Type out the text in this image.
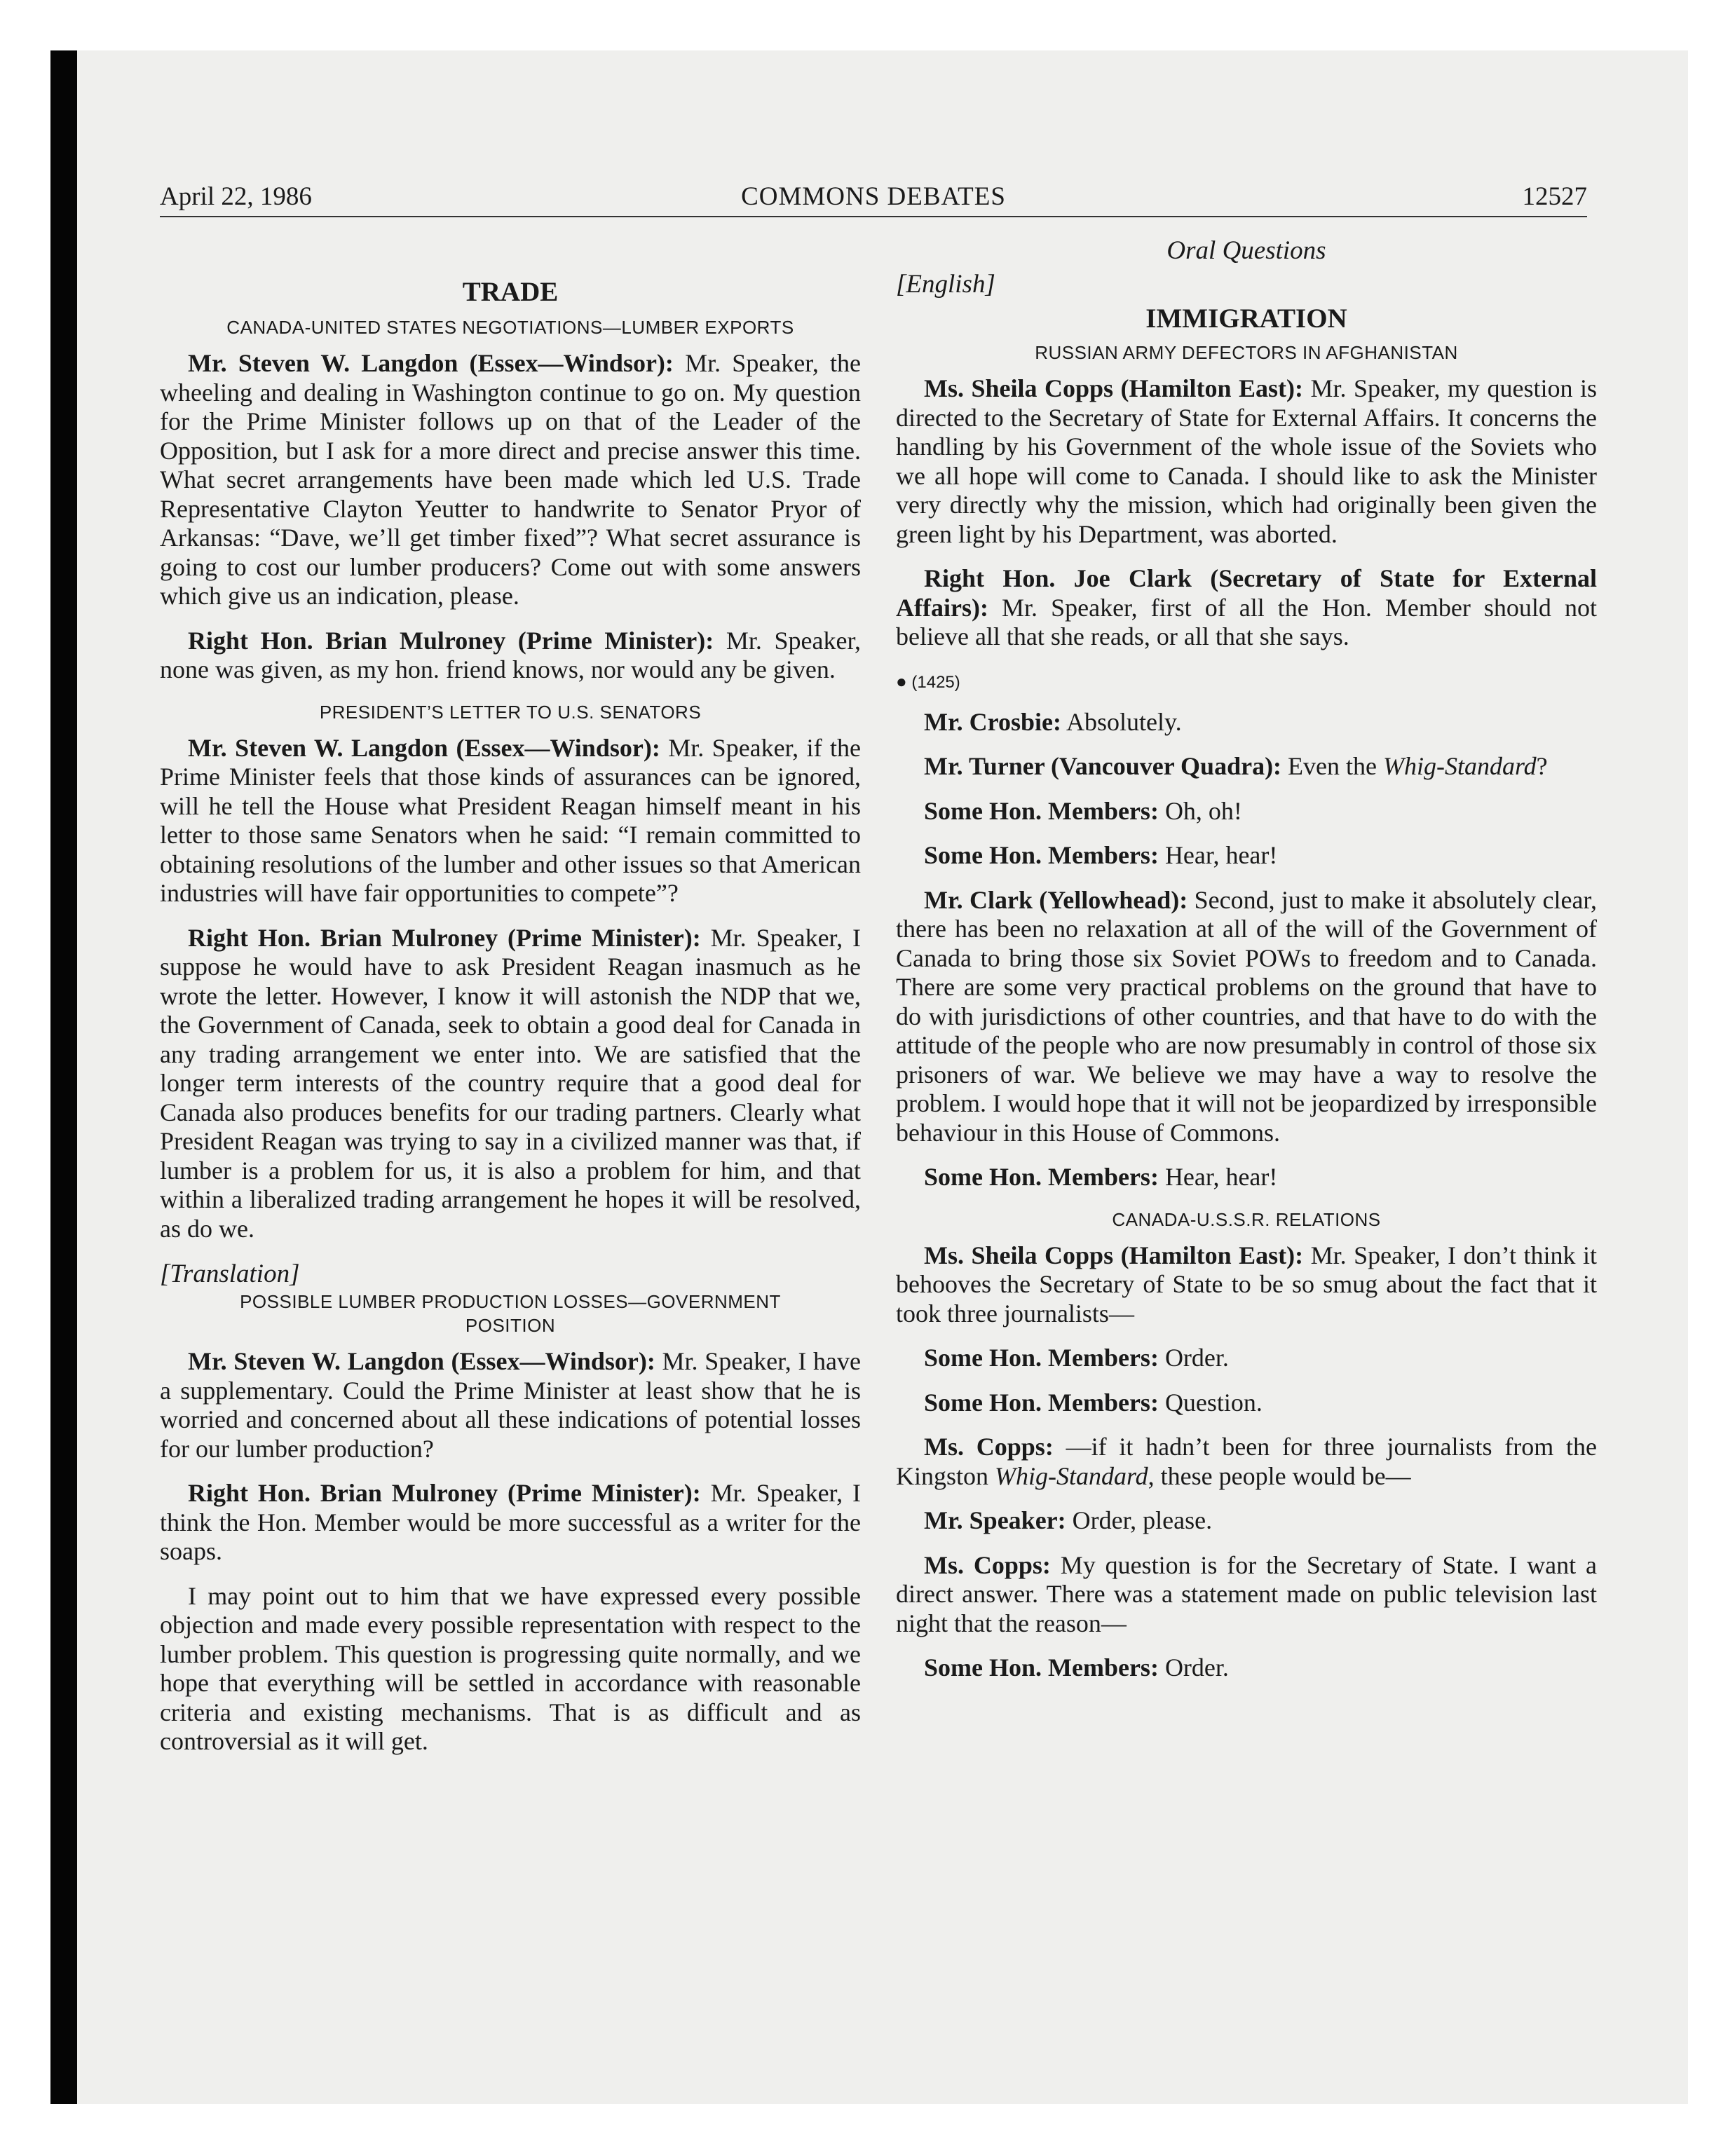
April 22, 1986	COMMONS DEBATES	12527
TRADE
CANADA-UNITED STATES NEGOTIATIONS—LUMBER EXPORTS

Mr. Steven W. Langdon (Essex—Windsor): Mr. Speaker, the wheeling and dealing in Washington continue to go on. My question for the Prime Minister follows up on that of the Leader of the Opposition, but I ask for a more direct and precise answer this time. What secret arrangements have been made which led U.S. Trade Representative Clayton Yeutter to handwrite to Senator Pryor of Arkansas: “Dave, we’ll get timber fixed”? What secret assurance is going to cost our lumber producers? Come out with some answers which give us an indication, please.

Right Hon. Brian Mulroney (Prime Minister): Mr. Speaker, none was given, as my hon. friend knows, nor would any be given.

PRESIDENT’S LETTER TO U.S. SENATORS

Mr. Steven W. Langdon (Essex—Windsor): Mr. Speaker, if the Prime Minister feels that those kinds of assurances can be ignored, will he tell the House what President Reagan himself meant in his letter to those same Senators when he said: “I remain committed to obtaining resolutions of the lumber and other issues so that American industries will have fair opportunities to compete”?

Right Hon. Brian Mulroney (Prime Minister): Mr. Speaker, I suppose he would have to ask President Reagan inasmuch as he wrote the letter. However, I know it will astonish the NDP that we, the Government of Canada, seek to obtain a good deal for Canada in any trading arrangement we enter into. We are satisfied that the longer term interests of the country require that a good deal for Canada also produces benefits for our trading partners. Clearly what President Reagan was trying to say in a civilized manner was that, if lumber is a problem for us, it is also a problem for him, and that within a liberalized trading arrangement he hopes it will be resolved, as do we.

[Translation]
POSSIBLE LUMBER PRODUCTION LOSSES—GOVERNMENT
POSITION

Mr. Steven W. Langdon (Essex—Windsor): Mr. Speaker, I have a supplementary. Could the Prime Minister at least show that he is worried and concerned about all these indications of potential losses for our lumber production?

Right Hon. Brian Mulroney (Prime Minister): Mr. Speaker, I think the Hon. Member would be more successful as a writer for the soaps.

I may point out to him that we have expressed every possible objection and made every possible representation with respect to the lumber problem. This question is progressing quite normally, and we hope that everything will be settled in accordance with reasonable criteria and existing mechanisms. That is as difficult and as controversial as it will get.

Oral Questions
[English]
IMMIGRATION
RUSSIAN ARMY DEFECTORS IN AFGHANISTAN

Ms. Sheila Copps (Hamilton East): Mr. Speaker, my question is directed to the Secretary of State for External Affairs. It concerns the handling by his Government of the whole issue of the Soviets who we all hope will come to Canada. I should like to ask the Minister very directly why the mission, which had originally been given the green light by his Department, was aborted.

Right Hon. Joe Clark (Secretary of State for External Affairs): Mr. Speaker, first of all the Hon. Member should not believe all that she reads, or all that she says.

● (1425)

Mr. Crosbie: Absolutely.

Mr. Turner (Vancouver Quadra): Even the Whig-Standard?

Some Hon. Members: Oh, oh!

Some Hon. Members: Hear, hear!

Mr. Clark (Yellowhead): Second, just to make it absolutely clear, there has been no relaxation at all of the will of the Government of Canada to bring those six Soviet POWs to freedom and to Canada. There are some very practical problems on the ground that have to do with jurisdictions of other countries, and that have to do with the attitude of the people who are now presumably in control of those six prisoners of war. We believe we may have a way to resolve the problem. I would hope that it will not be jeopardized by irresponsible behaviour in this House of Commons.

Some Hon. Members: Hear, hear!

CANADA-U.S.S.R. RELATIONS

Ms. Sheila Copps (Hamilton East): Mr. Speaker, I don’t think it behooves the Secretary of State to be so smug about the fact that it took three journalists—

Some Hon. Members: Order.

Some Hon. Members: Question.

Ms. Copps: —if it hadn’t been for three journalists from the Kingston Whig-Standard, these people would be—

Mr. Speaker: Order, please.

Ms. Copps: My question is for the Secretary of State. I want a direct answer. There was a statement made on public television last night that the reason—

Some Hon. Members: Order.
